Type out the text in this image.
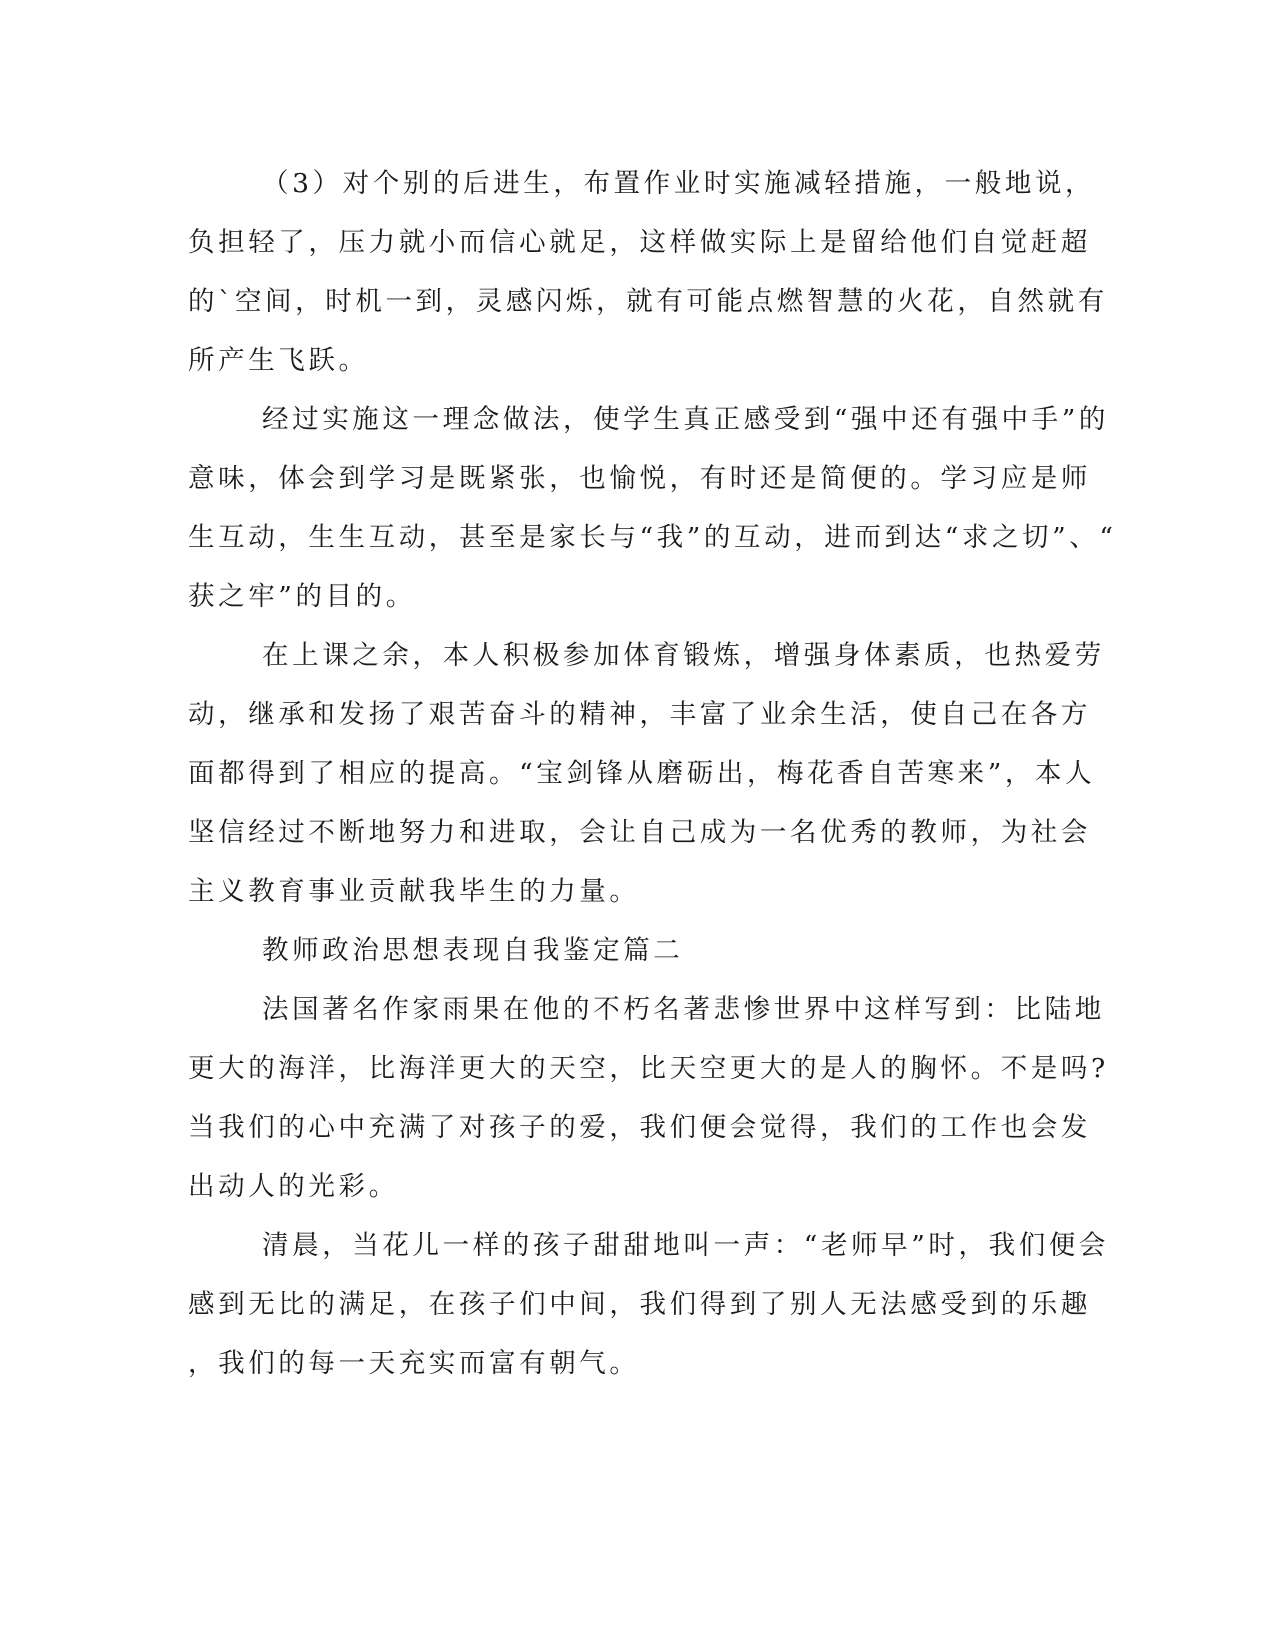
（3）对个别的后进生，布置作业时实施减轻措施，一般地说，
负担轻了，压力就小而信心就足，这样做实际上是留给他们自觉赶超
的`空间，时机一到，灵感闪烁，就有可能点燃智慧的火花，自然就有
所产生飞跃。
经过实施这一理念做法，使学生真正感受到“强中还有强中手”的
意味，体会到学习是既紧张，也愉悦，有时还是简便的。学习应是师
生互动，生生互动，甚至是家长与“我”的互动，进而到达“求之切”、“
获之牢”的目的。
在上课之余，本人积极参加体育锻炼，增强身体素质，也热爱劳
动，继承和发扬了艰苦奋斗的精神，丰富了业余生活，使自己在各方
面都得到了相应的提高。“宝剑锋从磨砺出，梅花香自苦寒来”，本人
坚信经过不断地努力和进取，会让自己成为一名优秀的教师，为社会
主义教育事业贡献我毕生的力量。
教师政治思想表现自我鉴定篇二
法国著名作家雨果在他的不朽名著悲惨世界中这样写到：比陆地
更大的海洋，比海洋更大的天空，比天空更大的是人的胸怀。不是吗?
当我们的心中充满了对孩子的爱，我们便会觉得，我们的工作也会发
出动人的光彩。
清晨，当花儿一样的孩子甜甜地叫一声：“老师早”时，我们便会
感到无比的满足，在孩子们中间，我们得到了别人无法感受到的乐趣
，我们的每一天充实而富有朝气。
